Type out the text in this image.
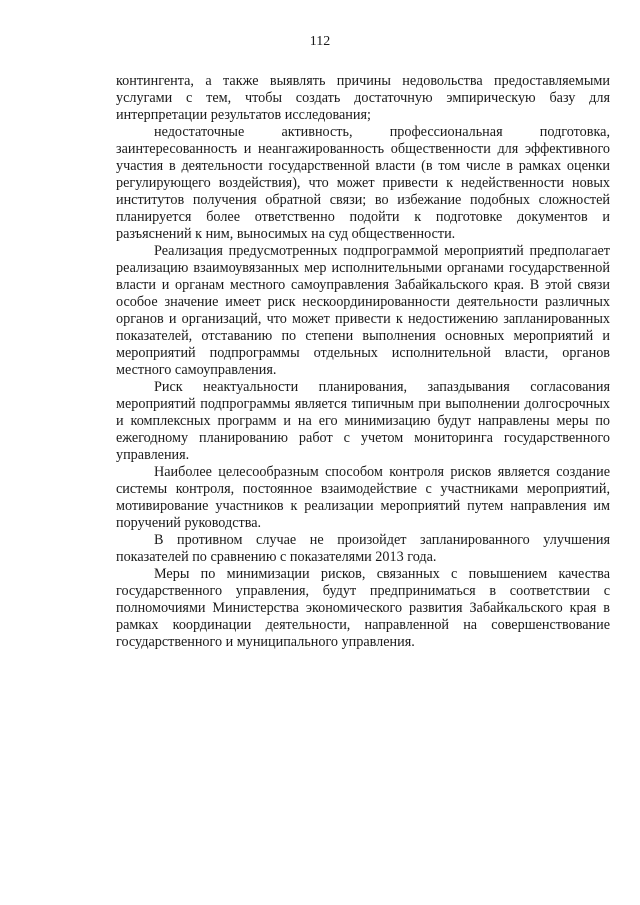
112

контингента, а также выявлять причины недовольства предоставляемыми услугами с тем, чтобы создать достаточную эмпирическую базу для интерпретации результатов исследования;

недостаточные активность, профессиональная подготовка, заинтересованность и неангажированность общественности для эффективного участия в деятельности государственной власти (в том числе в рамках оценки регулирующего воздействия), что может привести к недейственности новых институтов получения обратной связи; во избежание подобных сложностей планируется более ответственно подойти к подготовке документов и разъяснений к ним, выносимых на суд общественности.

Реализация предусмотренных подпрограммой мероприятий предполагает реализацию взаимоувязанных мер исполнительными органами государственной власти и органам местного самоуправления Забайкальского края. В этой связи особое значение имеет риск нескоординированности деятельности различных органов и организаций, что может привести к недостижению запланированных показателей, отставанию по степени выполнения основных мероприятий и мероприятий подпрограммы отдельных исполнительной власти, органов местного самоуправления.

Риск неактуальности планирования, запаздывания согласования мероприятий подпрограммы является типичным при выполнении долгосрочных и комплексных программ и на его минимизацию будут направлены меры по ежегодному планированию работ с учетом мониторинга государственного управления.

Наиболее целесообразным способом контроля рисков является создание системы контроля, постоянное взаимодействие с участниками мероприятий, мотивирование участников к реализации мероприятий путем направления им поручений руководства.

В противном случае не произойдет запланированного улучшения показателей по сравнению с показателями 2013 года.

Меры по минимизации рисков, связанных с повышением качества государственного управления, будут предприниматься в соответствии с полномочиями Министерства экономического развития Забайкальского края в рамках координации деятельности, направленной на совершенствование государственного и муниципального управления.
